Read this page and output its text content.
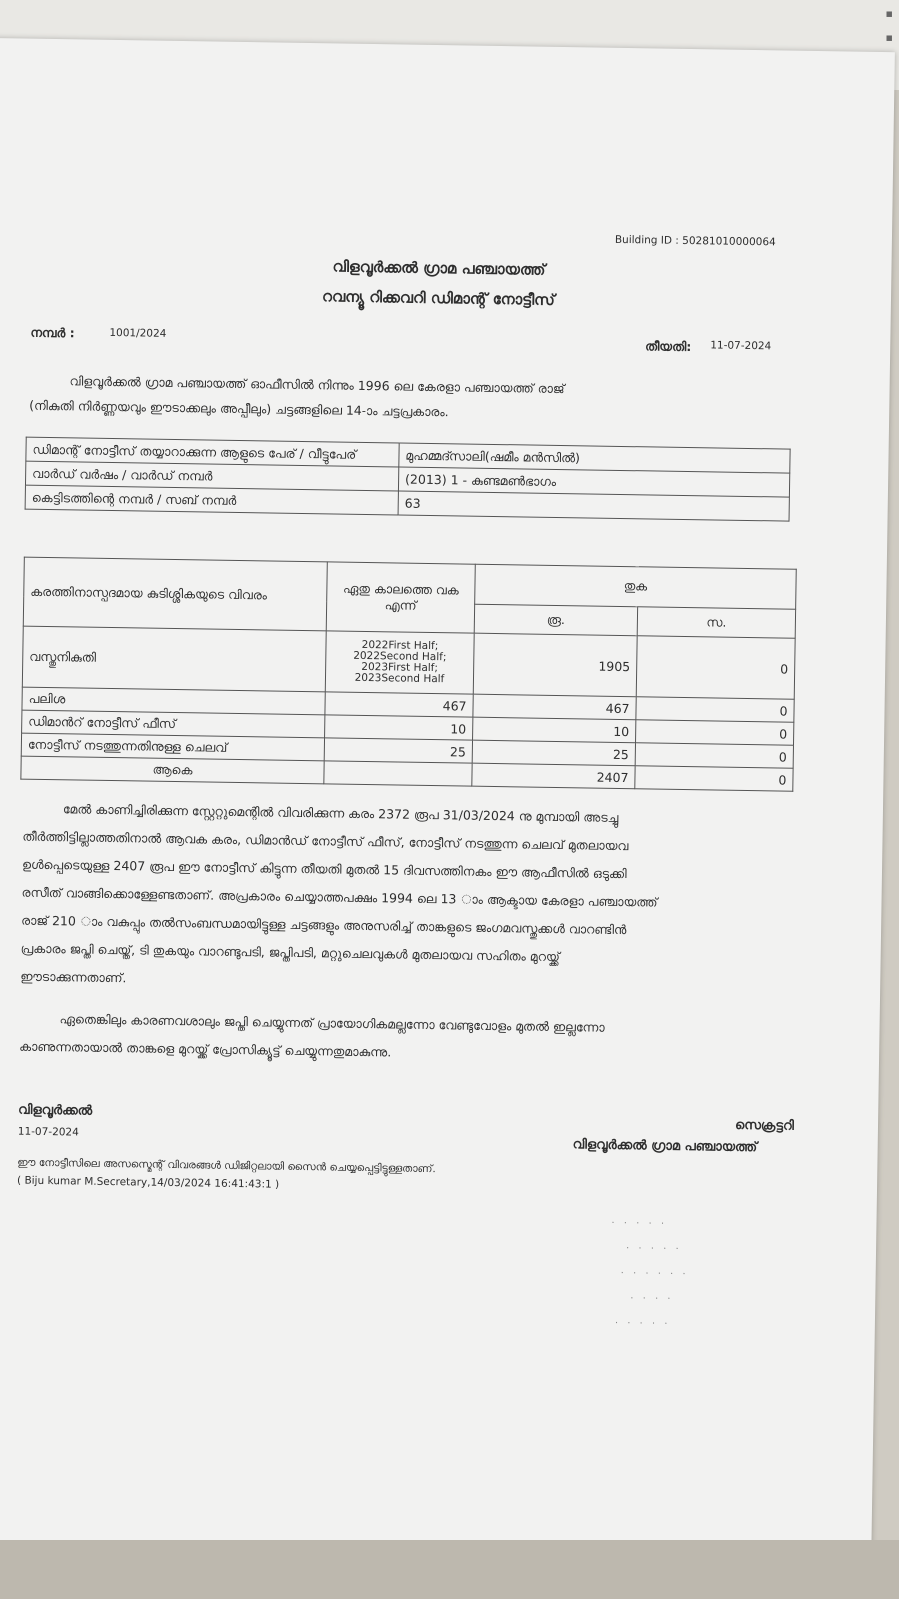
▪
▪
Building ID : 50281010000064
വിളവൂർക്കൽ ഗ്രാമ പഞ്ചായത്ത്
റവന്യൂ റിക്കവറി ഡിമാന്റ് നോട്ടീസ്
നമ്പർ :	1001/2024
തീയതി: 11-07-2024
വിളവൂർക്കൽ ഗ്രാമ പഞ്ചായത്ത് ഓഫീസിൽ നിന്നും 1996 ലെ കേരളാ പഞ്ചായത്ത് രാജ്
(നികുതി നിർണ്ണയവും ഈടാക്കലും അപ്പീലും) ചട്ടങ്ങളിലെ 14-ാം ചട്ടപ്രകാരം.
ഡിമാന്റ് നോട്ടീസ് തയ്യാറാക്കുന്ന ആളുടെ പേര് / വീട്ടുപേര്	മുഹമ്മദ്സാലി(ഷമീം മൻസിൽ)
വാർഡ് വർഷം / വാർഡ് നമ്പർ	(2013) 1 - കുണ്ടമൺഭാഗം
കെട്ടിടത്തിന്റെ നമ്പർ / സബ് നമ്പർ	63
കരത്തിനാസ്പദമായ കുടിശ്ശികയുടെ വിവരം	ഏതു കാലത്തെ വക എന്ന്	തുക	
		രൂ.	സ.
വസ്തുനികുതി	2022First Half;
2022Second Half;
2023First Half;
2023Second Half	1905	0
പലിശ	467	467	0
ഡിമാൻറ് നോട്ടീസ് ഫീസ്	10	10	0
നോട്ടീസ് നടത്തുന്നതിനുള്ള ചെലവ്	25	25	0
ആകെ		2407	0
മേൽ കാണിച്ചിരിക്കുന്ന സ്റ്റേറ്റുമെന്റിൽ വിവരിക്കുന്ന കരം 2372 രൂപ 31/03/2024 നു മുമ്പായി അടച്ചു
തീർത്തിട്ടില്ലാത്തതിനാൽ ആവക കരം, ഡിമാൻഡ് നോട്ടീസ് ഫീസ്, നോട്ടീസ് നടത്തുന്ന ചെലവ് മുതലായവ
ഉൾപ്പെടെയുള്ള 2407 രൂപ ഈ നോട്ടീസ് കിട്ടുന്ന തീയതി മുതൽ 15 ദിവസത്തിനകം ഈ ആഫീസിൽ ഒടുക്കി
രസീത് വാങ്ങിക്കൊള്ളേണ്ടതാണ്. അപ്രകാരം ചെയ്യാത്തപക്ഷം 1994 ലെ 13 ാം ആക്ടായ കേരളാ പഞ്ചായത്ത്
രാജ് 210 ാം വകുപ്പും തൽസംബന്ധമായിട്ടുള്ള ചട്ടങ്ങളും അനുസരിച്ച് താങ്കളുടെ ജംഗമവസ്തുക്കൾ വാറണ്ടിൻ
പ്രകാരം ജപ്തി ചെയ്ത്, ടി തുകയും വാറണ്ടുപടി, ജപ്തിപടി, മറ്റുചെലവുകൾ മുതലായവ സഹിതം മുറയ്ക്ക്
ഈടാക്കുന്നതാണ്.
ഏതെങ്കിലും കാരണവശാലും ജപ്തി ചെയ്യുന്നത് പ്രായോഗികമല്ലന്നോ വേണ്ടുവോളം മുതൽ ഇല്ലന്നോ
കാണുന്നതായാൽ താങ്കളെ മുറയ്ക്ക് പ്രോസിക്യൂട്ട് ചെയ്യുന്നതുമാകുന്നു.
വിളവൂർക്കൽ
11-07-2024	സെക്രട്ടറി
വിളവൂർക്കൽ ഗ്രാമ പഞ്ചായത്ത്
ഈ നോട്ടീസിലെ അസസ്മെന്റ് വിവരങ്ങൾ ഡിജിറ്റലായി സൈൻ ചെയ്യപ്പെട്ടിട്ടുള്ളതാണ്.
( Biju kumar M.Secretary,14/03/2024 16:41:43:1 )
· · · · ·
· · · · ·
· · · · · ·
· · · ·
· · · · ·
